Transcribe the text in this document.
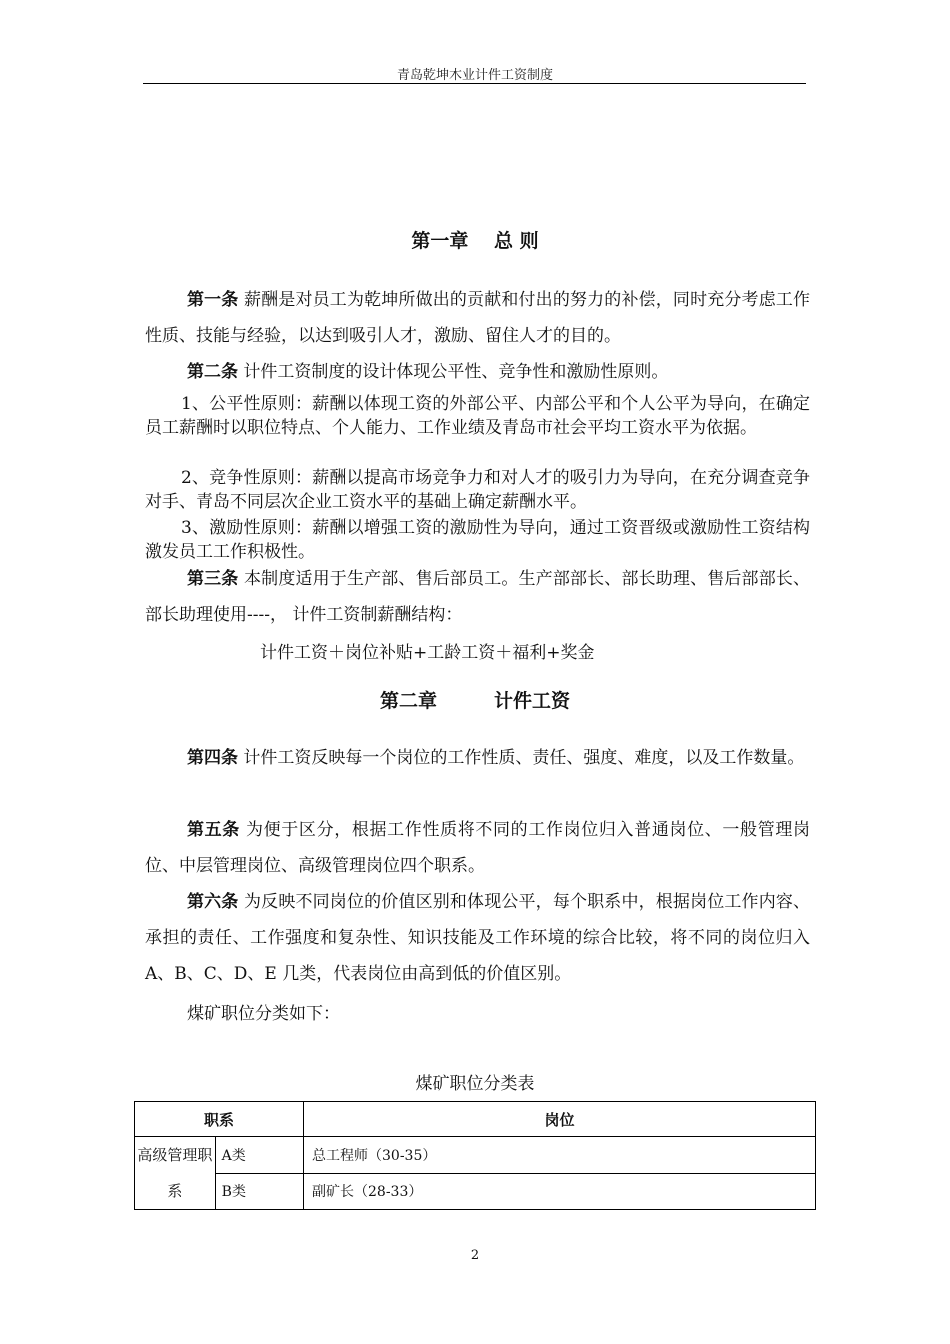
青岛乾坤木业计件工资制度
第一章　 总 则

第一条 薪酬是对员工为乾坤所做出的贡献和付出的努力的补偿，同时充分考虑工作性质、技能与经验，以达到吸引人才，激励、留住人才的目的。

第二条 计件工资制度的设计体现公平性、竞争性和激励性原则。

1、公平性原则：薪酬以体现工资的外部公平、内部公平和个人公平为导向，在确定员工薪酬时以职位特点、个人能力、工作业绩及青岛市社会平均工资水平为依据。

2、竞争性原则：薪酬以提高市场竞争力和对人才的吸引力为导向，在充分调查竞争对手、青岛不同层次企业工资水平的基础上确定薪酬水平。

3、激励性原则：薪酬以增强工资的激励性为导向，通过工资晋级或激励性工资结构激发员工工作积极性。

第三条 本制度适用于生产部、售后部员工。生产部部长、部长助理、售后部部长、部长助理使用----， 计件工资制薪酬结构：

计件工资＋岗位补贴+工龄工资＋福利+奖金
第二章　　　计件工资

第四条 计件工资反映每一个岗位的工作性质、责任、强度、难度，以及工作数量。

第五条 为便于区分，根据工作性质将不同的工作岗位归入普通岗位、一般管理岗位、中层管理岗位、高级管理岗位四个职系。

第六条 为反映不同岗位的价值区别和体现公平，每个职系中，根据岗位工作内容、承担的责任、工作强度和复杂性、知识技能及工作环境的综合比较，将不同的岗位归入 A、B、C、D、E 几类，代表岗位由高到低的价值区别。

煤矿职位分类如下：

煤矿职位分类表
职系		岗位
高级管理职系	A类	总工程师（30-35）
	B类	副矿长（28-33）
2
